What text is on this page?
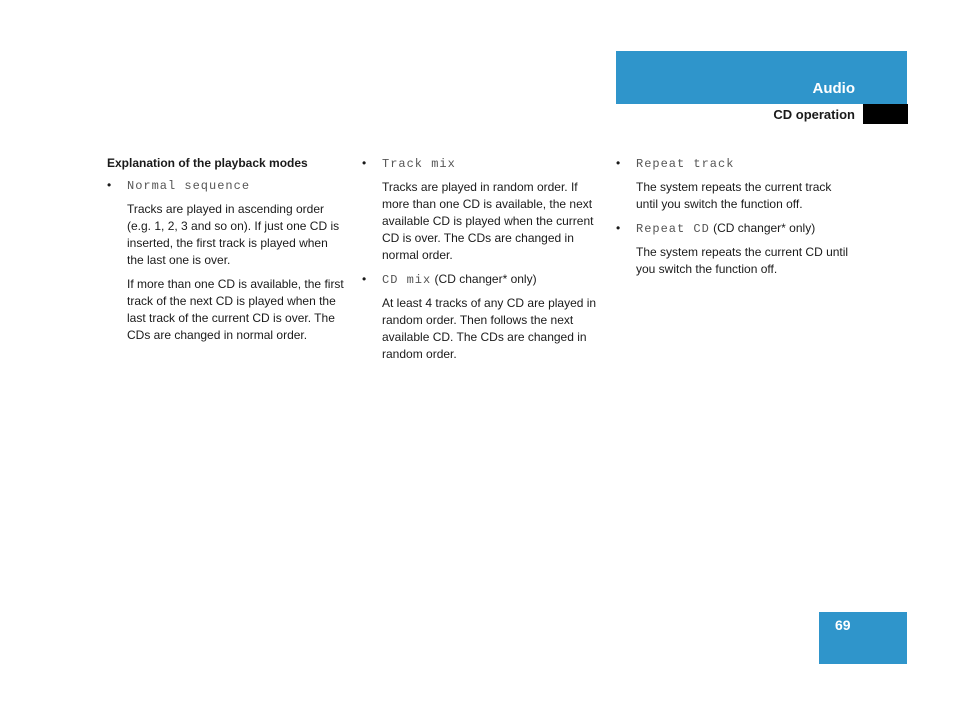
Audio
CD operation
Explanation of the playback modes
• Normal sequence

Tracks are played in ascending order (e.g. 1, 2, 3 and so on). If just one CD is inserted, the first track is played when the last one is over.

If more than one CD is available, the first track of the next CD is played when the last track of the current CD is over. The CDs are changed in normal order.

• Track mix

Tracks are played in random order. If more than one CD is available, the next available CD is played when the current CD is over. The CDs are changed in normal order.

• CD mix (CD changer* only)

At least 4 tracks of any CD are played in random order. Then follows the next available CD. The CDs are changed in random order.

• Repeat track

The system repeats the current track until you switch the function off.

• Repeat CD (CD changer* only)

The system repeats the current CD until you switch the function off.

69
